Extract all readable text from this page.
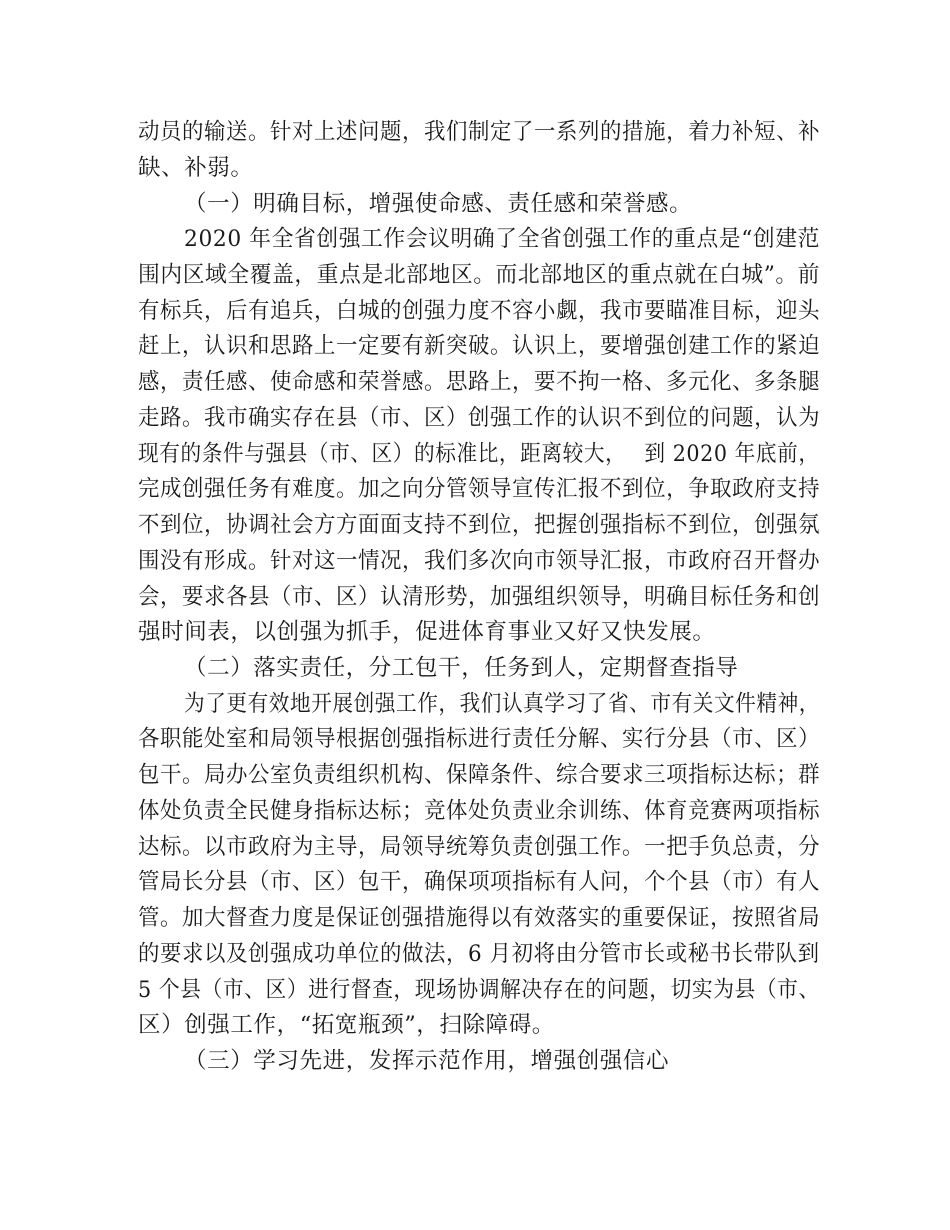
动员的输送。针对上述问题，我们制定了一系列的措施，着力补短、补
缺、补弱。
（一）明确目标，增强使命感、责任感和荣誉感。
2020 年全省创强工作会议明确了全省创强工作的重点是“创建范
围内区域全覆盖，重点是北部地区。而北部地区的重点就在白城”。前
有标兵，后有追兵，白城的创强力度不容小觑，我市要瞄准目标，迎头
赶上，认识和思路上一定要有新突破。认识上，要增强创建工作的紧迫
感，责任感、使命感和荣誉感。思路上，要不拘一格、多元化、多条腿
走路。我市确实存在县（市、区）创强工作的认识不到位的问题，认为
现有的条件与强县（市、区）的标准比，距离较大，　 到 2020 年底前，
完成创强任务有难度。加之向分管领导宣传汇报不到位，争取政府支持
不到位，协调社会方方面面支持不到位，把握创强指标不到位，创强氛
围没有形成。针对这一情况，我们多次向市领导汇报，市政府召开督办
会，要求各县（市、区）认清形势，加强组织领导，明确目标任务和创
强时间表，以创强为抓手，促进体育事业又好又快发展。
（二）落实责任，分工包干，任务到人，定期督查指导
为了更有效地开展创强工作，我们认真学习了省、市有关文件精神，
各职能处室和局领导根据创强指标进行责任分解、实行分县（市、区）
包干。局办公室负责组织机构、保障条件、综合要求三项指标达标；群
体处负责全民健身指标达标；竞体处负责业余训练、体育竞赛两项指标
达标。以市政府为主导，局领导统筹负责创强工作。一把手负总责，分
管局长分县（市、区）包干，确保项项指标有人问，个个县（市）有人
管。加大督查力度是保证创强措施得以有效落实的重要保证，按照省局
的要求以及创强成功单位的做法，6 月初将由分管市长或秘书长带队到
5 个县（市、区）进行督查，现场协调解决存在的问题，切实为县（市、
区）创强工作，“拓宽瓶颈”，扫除障碍。
（三）学习先进，发挥示范作用，增强创强信心
